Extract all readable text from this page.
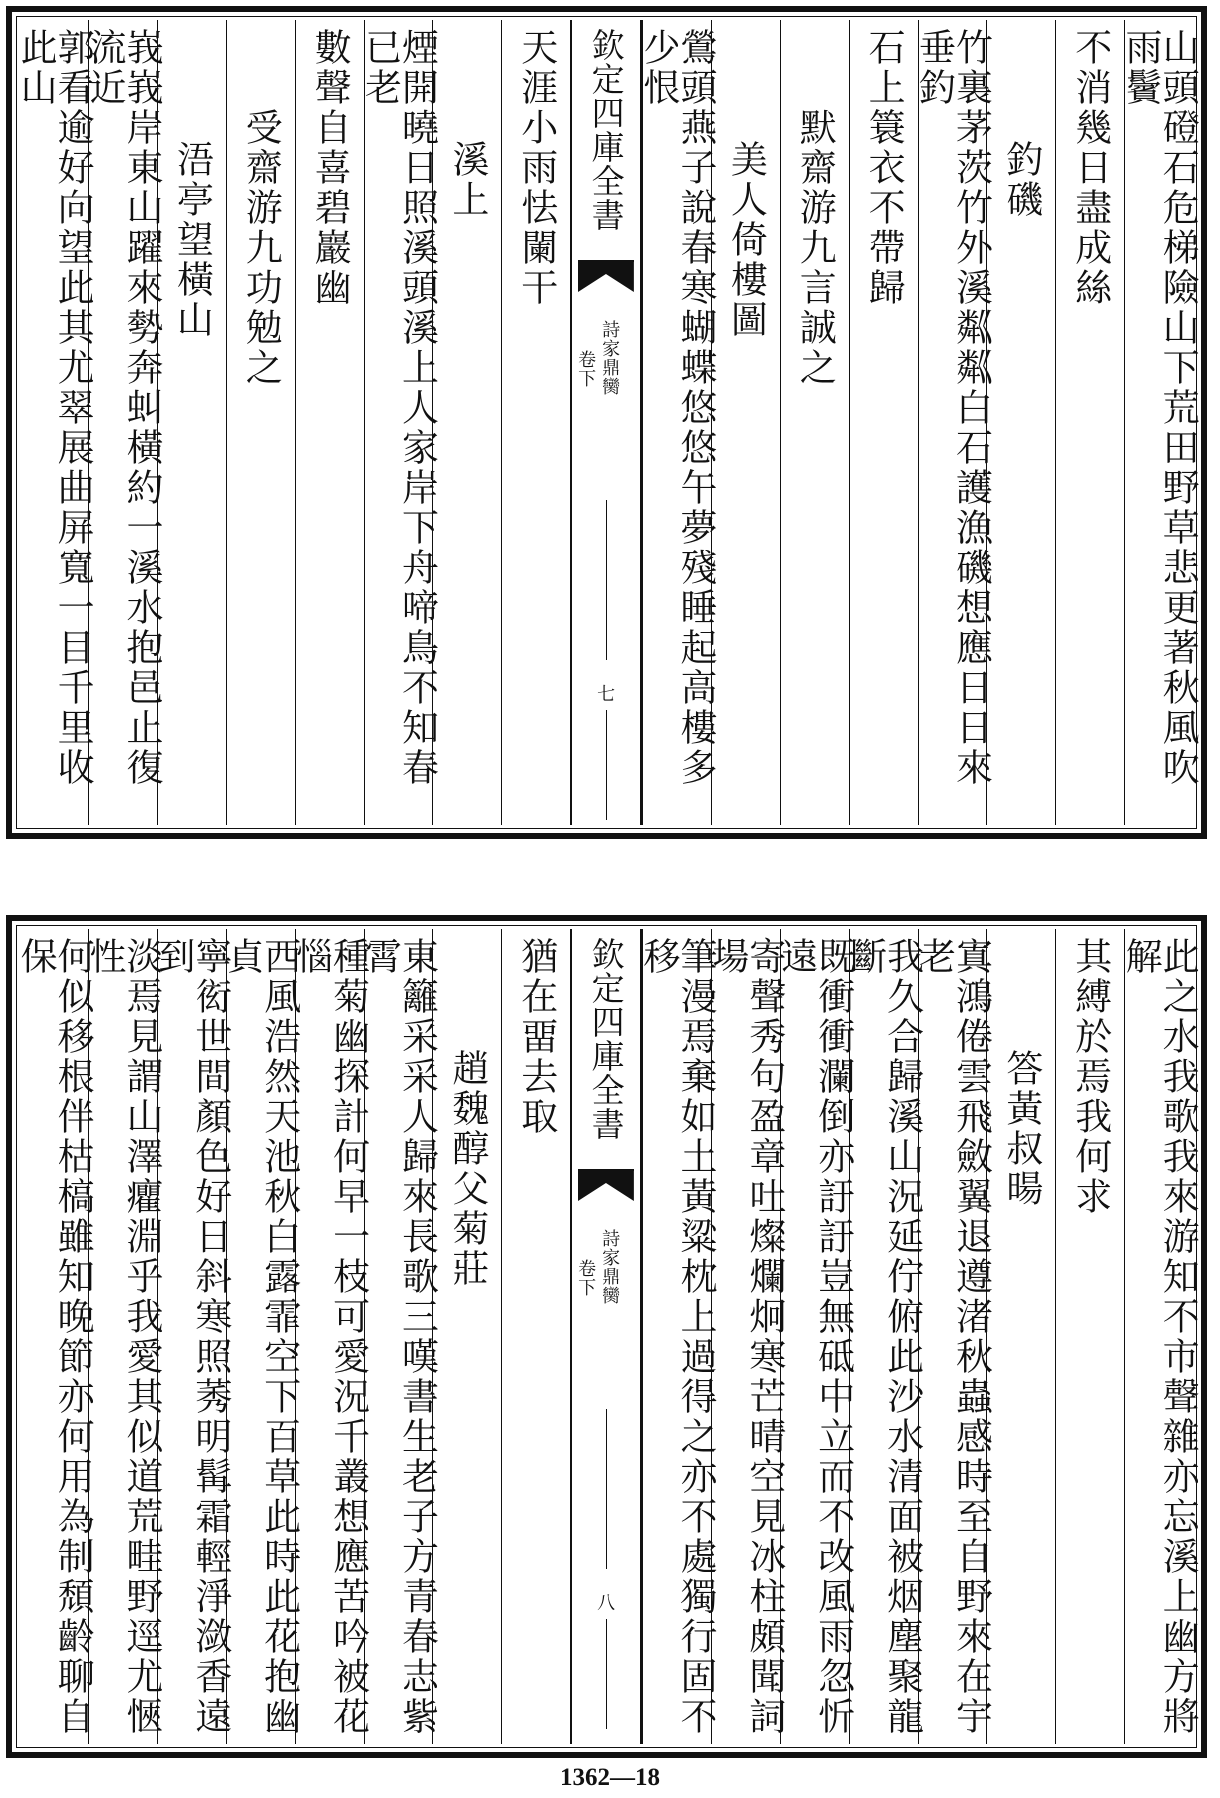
山頭磴石危梯險山下荒田野草悲更著秋風吹雨鬢
不消幾日盡成絲
釣磯
竹裏茅茨竹外溪粼粼白石護漁磯想應日日來垂釣
石上簑衣不帶歸
默齋游九言誠之
美人倚樓圖
鶯頭燕子說春寒蝴蝶悠悠午夢殘睡起高樓多少恨
欽定四庫全書
詩家鼎臠
卷下
七
天涯小雨怯闌干
溪上
煙開曉日照溪頭溪上人家岸下舟啼鳥不知春已老
數聲自喜碧巖幽
受齋游九功勉之
浯亭望橫山
峩峩岸東山躍來勢奔虯橫約一溪水抱邑止復流近
郭看逾好向望此其尤翠展曲屏寬一目千里收此山
此之水我歌我來游知不市聲雜亦忘溪上幽方將解
其縛於焉我何求
答黃叔暘
寘鴻倦雲飛斂翼退遵渚秋蟲感時至自野來在宇老
我久合歸溪山況延佇俯此沙水清面被烟塵聚龍斷
既衝衝瀾倒亦訏訏豈無砥中立而不改風雨忽忻遠
寄聲秀句盈章吐燦爛炯寒芒晴空見冰柱頗聞詞場
筆漫焉棄如土黃粱枕上過得之亦不處獨行固不移
欽定四庫全書
詩家鼎臠
卷下
八
猶在畱去取
趙魏醇父菊莊
東籬采采人歸來長歌三嘆書生老子方青春志紫霄
種菊幽探計何早一枝可愛況千叢想應苦吟被花惱
西風浩然天池秋白露霏空下百草此時此花抱幽貞
寧衒世間顏色好日斜寒照莠明髯霜輕淨潋香遠到
淡焉見謂山澤癯淵乎我愛其似道荒畦野逕尤愜性
何似移根伴枯槁雖知晚節亦何用為制頹齡聊自保
1362—18
